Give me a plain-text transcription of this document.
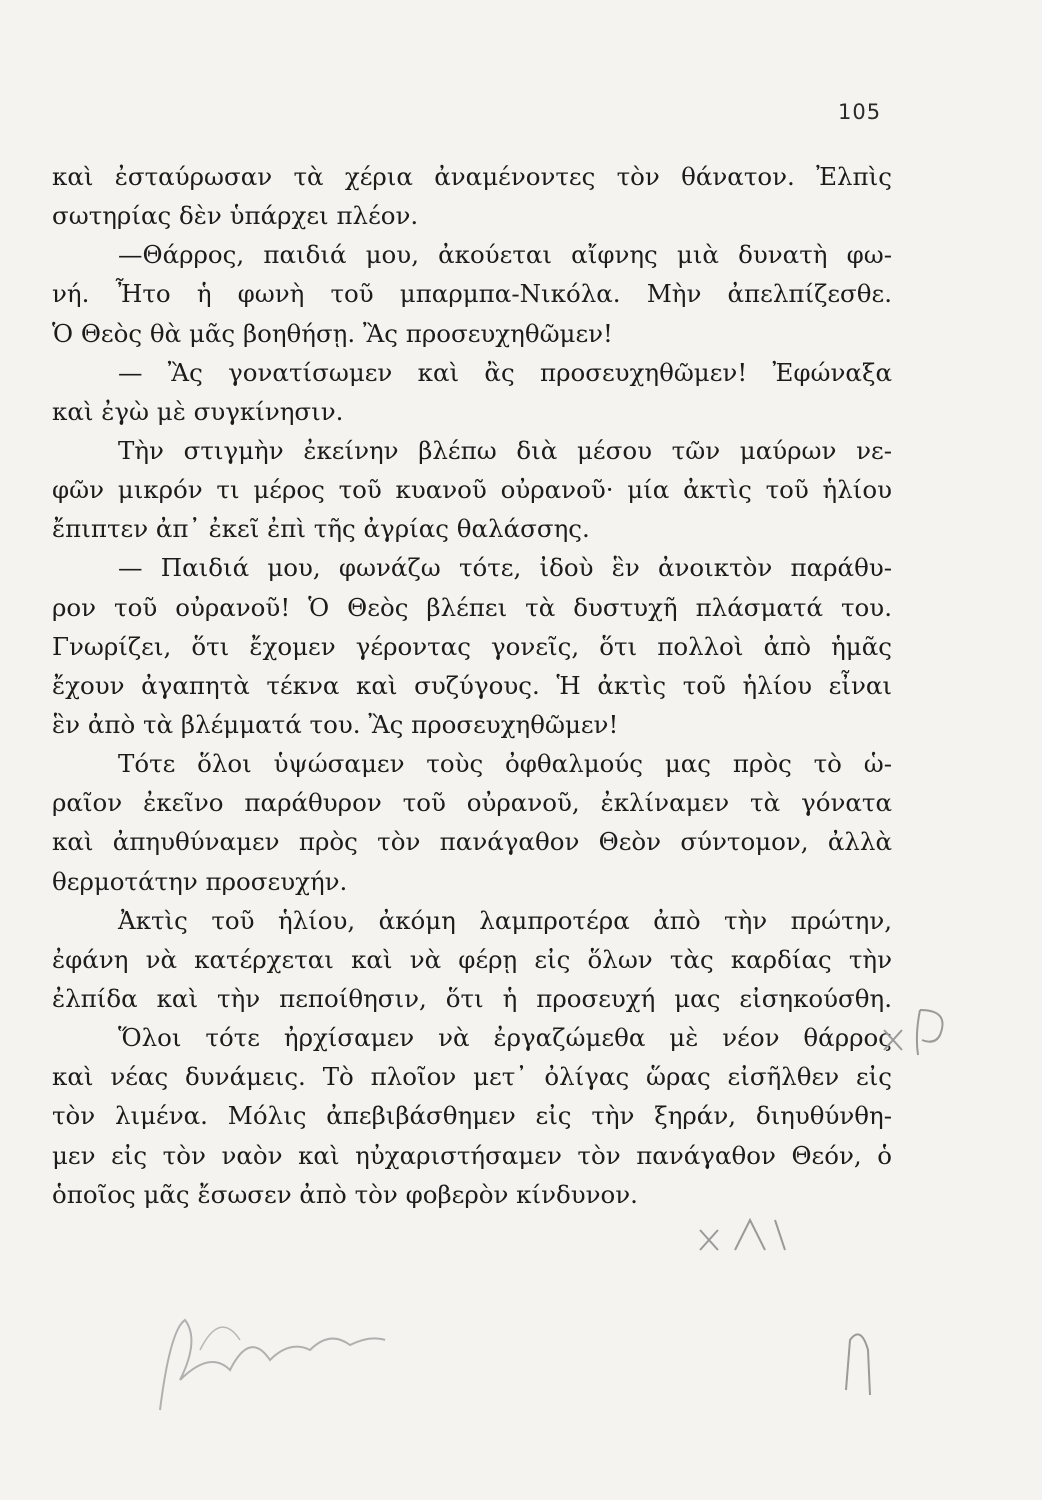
105
καὶ ἐσταύρωσαν τὰ χέρια ἀναμένοντες τὸν θάνατον. Ἐλπὶς
σωτηρίας δὲν ὑπάρχει πλέον.
—Θάρρος, παιδιά μου, ἀκούεται αἴφνης μιὰ δυνατὴ φω-
νή. Ἦτο ἡ φωνὴ τοῦ μπαρμπα-Νικόλα. Μὴν ἀπελπίζεσθε.
Ὁ Θεὸς θὰ μᾶς βοηθήσῃ. Ἂς προσευχηθῶμεν!
— Ἂς γονατίσωμεν καὶ ἂς προσευχηθῶμεν! Ἐφώναξα
καὶ ἐγὼ μὲ συγκίνησιν.
Τὴν στιγμὴν ἐκείνην βλέπω διὰ μέσου τῶν μαύρων νε-
φῶν μικρόν τι μέρος τοῦ κυανοῦ οὐρανοῦ· μία ἀκτὶς τοῦ ἡλίου
ἔπιπτεν ἀπ᾽ ἐκεῖ ἐπὶ τῆς ἀγρίας θαλάσσης.
— Παιδιά μου, φωνάζω τότε, ἰδοὺ ἓν ἀνοικτὸν παράθυ-
ρον τοῦ οὐρανοῦ! Ὁ Θεὸς βλέπει τὰ δυστυχῆ πλάσματά του.
Γνωρίζει, ὅτι ἔχομεν γέροντας γονεῖς, ὅτι πολλοὶ ἀπὸ ἡμᾶς
ἔχουν ἀγαπητὰ τέκνα καὶ συζύγους. Ἡ ἀκτὶς τοῦ ἡλίου εἶναι
ἓν ἀπὸ τὰ βλέμματά του. Ἂς προσευχηθῶμεν!
Τότε ὅλοι ὑψώσαμεν τοὺς ὀφθαλμούς μας πρὸς τὸ ὡ-
ραῖον ἐκεῖνο παράθυρον τοῦ οὐρανοῦ, ἐκλίναμεν τὰ γόνατα
καὶ ἀπηυθύναμεν πρὸς τὸν πανάγαθον Θεὸν σύντομον, ἀλλὰ
θερμοτάτην προσευχήν.
Ἀκτὶς τοῦ ἡλίου, ἀκόμη λαμπροτέρα ἀπὸ τὴν πρώτην,
ἐφάνη νὰ κατέρχεται καὶ νὰ φέρῃ εἰς ὅλων τὰς καρδίας τὴν
ἐλπίδα καὶ τὴν πεποίθησιν, ὅτι ἡ προσευχή μας εἰσηκούσθη.
Ὅλοι τότε ἠρχίσαμεν νὰ ἐργαζώμεθα μὲ νέον θάρρος
καὶ νέας δυνάμεις. Τὸ πλοῖον μετ᾽ ὀλίγας ὥρας εἰσῆλθεν εἰς
τὸν λιμένα. Μόλις ἀπεβιβάσθημεν εἰς τὴν ξηράν, διηυθύνθη-
μεν εἰς τὸν ναὸν καὶ ηὐχαριστήσαμεν τὸν πανάγαθον Θεόν, ὁ
ὁποῖος μᾶς ἔσωσεν ἀπὸ τὸν φοβερὸν κίνδυνον.
